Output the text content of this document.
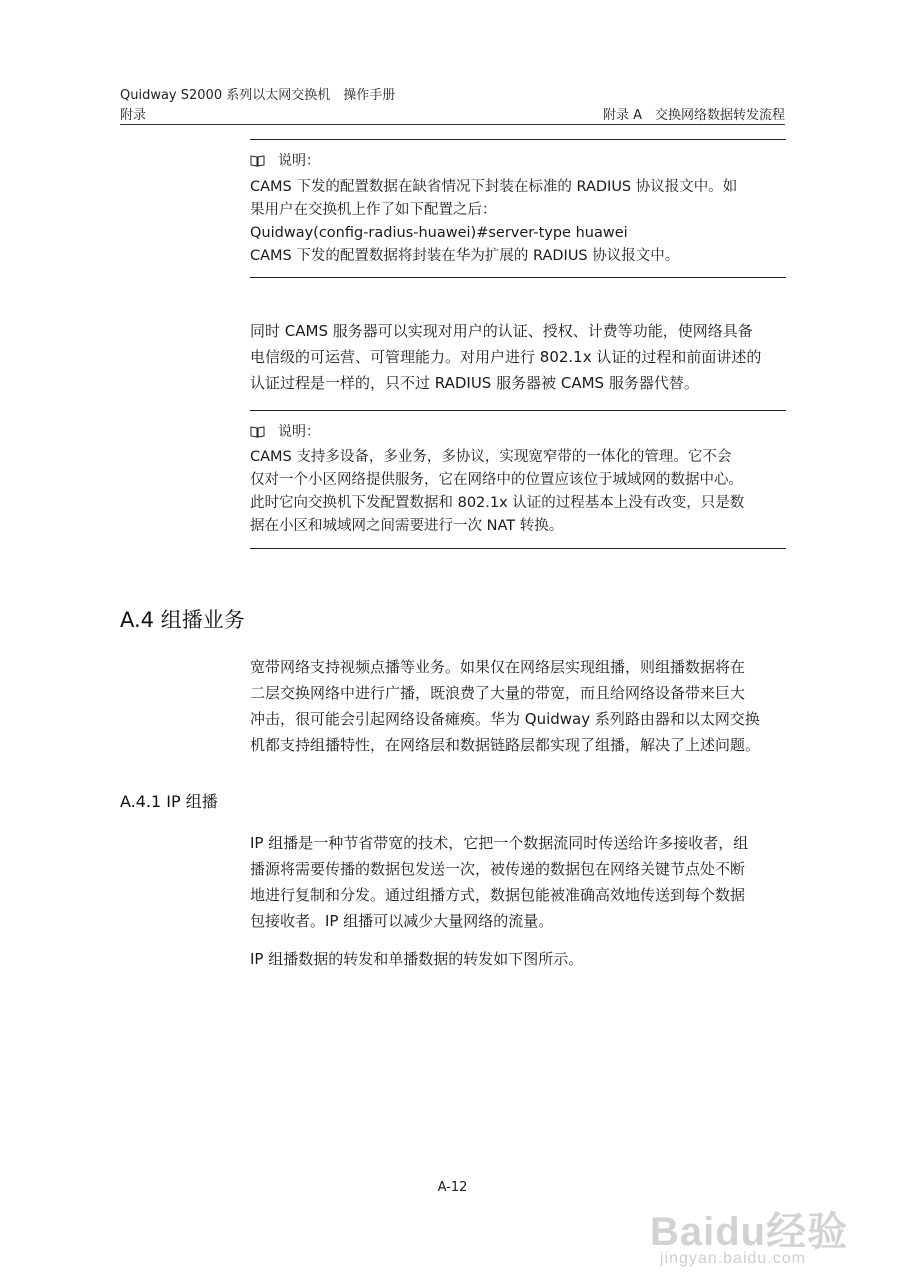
Quidway S2000 系列以太网交换机　操作手册
附录	附录 A　交换网络数据转发流程
说明：

CAMS 下发的配置数据在缺省情况下封装在标准的 RADIUS 协议报文中。如

果用户在交换机上作了如下配置之后：

Quidway(config-radius-huawei)#server-type huawei

CAMS 下发的配置数据将封装在华为扩展的 RADIUS 协议报文中。

同时 CAMS 服务器可以实现对用户的认证、授权、计费等功能，使网络具备

电信级的可运营、可管理能力。对用户进行 802.1x 认证的过程和前面讲述的

认证过程是一样的，只不过 RADIUS 服务器被 CAMS 服务器代替。

说明：

CAMS 支持多设备，多业务，多协议，实现宽窄带的一体化的管理。它不会

仅对一个小区网络提供服务，它在网络中的位置应该位于城域网的数据中心。

此时它向交换机下发配置数据和 802.1x 认证的过程基本上没有改变，只是数

据在小区和城域网之间需要进行一次 NAT 转换。

A.4 组播业务

宽带网络支持视频点播等业务。如果仅在网络层实现组播，则组播数据将在

二层交换网络中进行广播，既浪费了大量的带宽，而且给网络设备带来巨大

冲击，很可能会引起网络设备瘫痪。华为 Quidway 系列路由器和以太网交换

机都支持组播特性，在网络层和数据链路层都实现了组播，解决了上述问题。

A.4.1 IP 组播

IP 组播是一种节省带宽的技术，它把一个数据流同时传送给许多接收者，组

播源将需要传播的数据包发送一次，被传递的数据包在网络关键节点处不断

地进行复制和分发。通过组播方式，数据包能被准确高效地传送到每个数据

包接收者。IP 组播可以减少大量网络的流量。

IP 组播数据的转发和单播数据的转发如下图所示。

A-12
Baidu经验
jingyan.baidu.com
